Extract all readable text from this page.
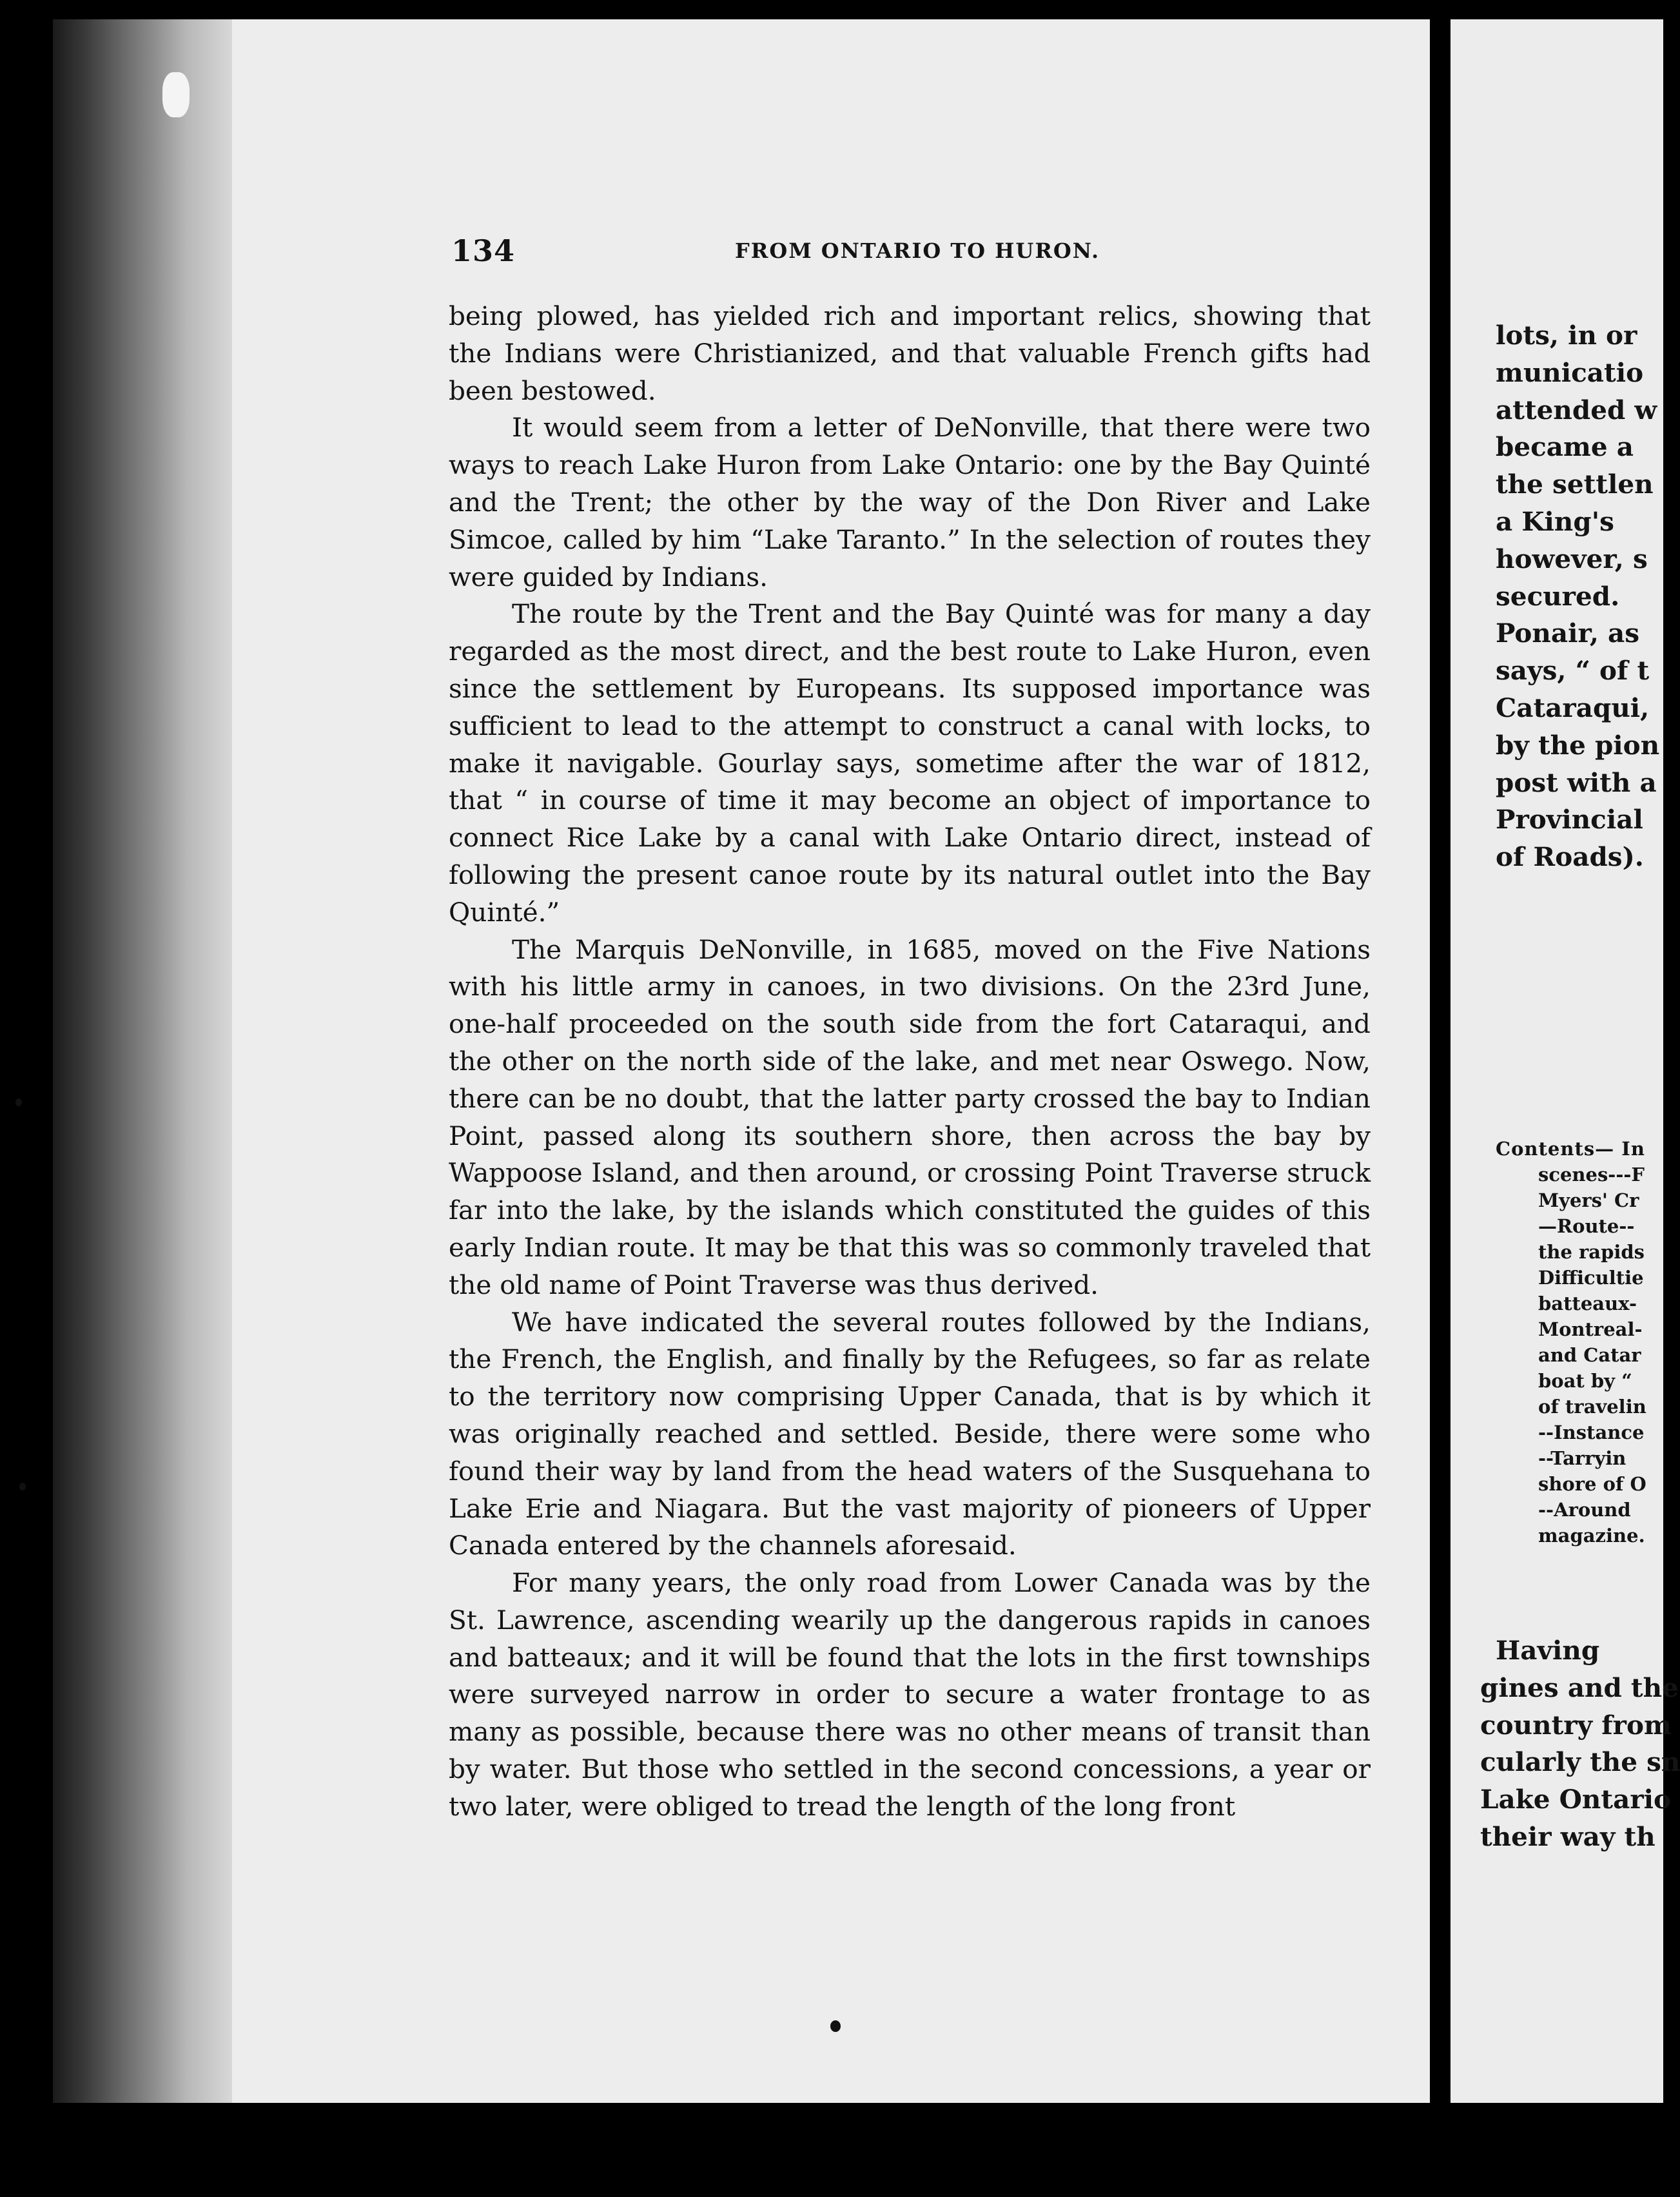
134	FROM ONTARIO TO HURON.

being plowed, has yielded rich and important relics, showing that the Indians were Christianized, and that valuable French gifts had been bestowed.

It would seem from a letter of DeNonville, that there were two ways to reach Lake Huron from Lake Ontario: one by the Bay Quinté and the Trent; the other by the way of the Don River and Lake Simcoe, called by him “Lake Taranto.” In the selection of routes they were guided by Indians.

The route by the Trent and the Bay Quinté was for many a day regarded as the most direct, and the best route to Lake Huron, even since the settlement by Europeans. Its supposed importance was sufficient to lead to the attempt to construct a canal with locks, to make it navigable. Gourlay says, sometime after the war of 1812, that “ in course of time it may become an object of importance to connect Rice Lake by a canal with Lake Ontario direct, instead of following the present canoe route by its natural outlet into the Bay Quinté.”

The Marquis DeNonville, in 1685, moved on the Five Nations with his little army in canoes, in two divisions. On the 23rd June, one-half proceeded on the south side from the fort Cataraqui, and the other on the north side of the lake, and met near Oswego. Now, there can be no doubt, that the latter party crossed the bay to Indian Point, passed along its southern shore, then across the bay by Wappoose Island, and then around, or crossing Point Traverse struck far into the lake, by the islands which constituted the guides of this early Indian route. It may be that this was so commonly traveled that the old name of Point Traverse was thus derived.

We have indicated the several routes followed by the Indians, the French, the English, and finally by the Refugees, so far as relate to the territory now comprising Upper Canada, that is by which it was originally reached and settled. Beside, there were some who found their way by land from the head waters of the Susquehana to Lake Erie and Niagara. But the vast majority of pioneers of Upper Canada entered by the channels aforesaid.

For many years, the only road from Lower Canada was by the St. Lawrence, ascending wearily up the dangerous rapids in canoes and batteaux; and it will be found that the lots in the first townships were surveyed narrow in order to secure a water frontage to as many as possible, because there was no other means of transit than by water. But those who settled in the second concessions, a year or two later, were obliged to tread the length of the long front

lots, in or
municatio
attended w
became a
the settlen
a King's
however, s
secured.
Ponair, as
says, “ of t
Cataraqui,
by the pion
post with a
Provincial
of Roads).
Contents— In
scenes---F
Myers' Cr
—Route--
the rapids
Difficultie
batteaux-
Montreal-
and Catar
boat by “
of travelin
--Instance
--Tarryin
shore of O
--Around
magazine.
Having
gines and the
country from
cularly the sn
Lake Ontario
their way th
